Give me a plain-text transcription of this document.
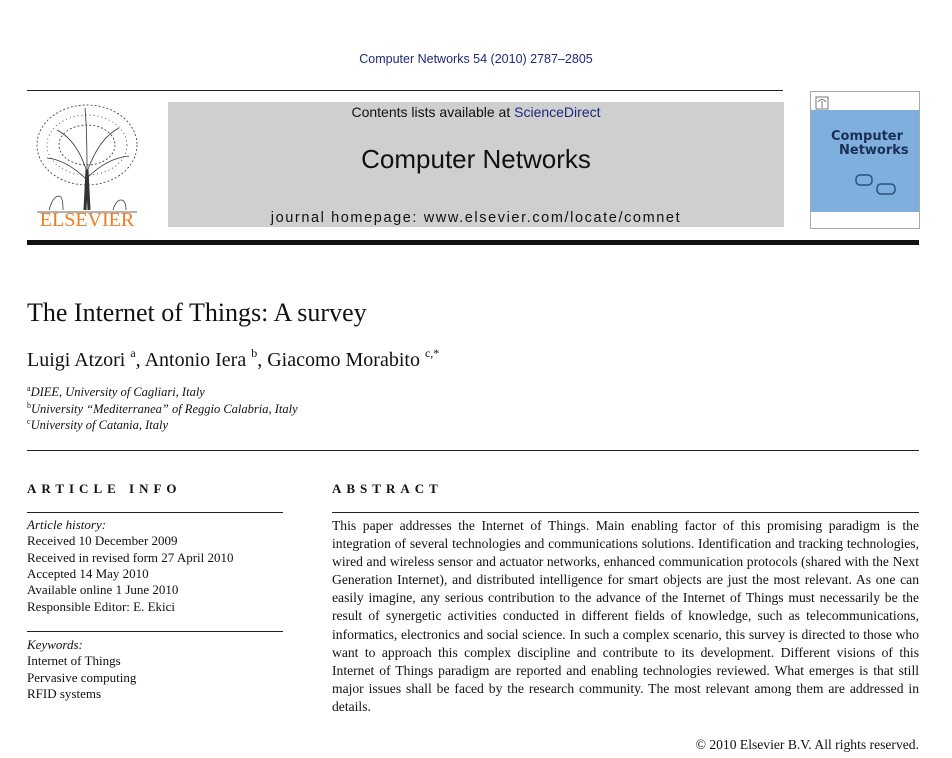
Computer Networks 54 (2010) 2787–2805
ELSEVIER
Contents lists available at ScienceDirect
Computer Networks
journal homepage: www.elsevier.com/locate/comnet
Computer
Networks
The Internet of Things: A survey
Luigi Atzori $^a$, Antonio Iera $^b$, Giacomo Morabito $^{c,*}$
$^a$DIEE, University of Cagliari, Italy
$^b$University “Mediterranea” of Reggio Calabria, Italy
$^c$University of Catania, Italy
ARTICLE INFO	ABSTRACT
Article history:
Received 10 December 2009
Received in revised form 27 April 2010
Accepted 14 May 2010
Available online 1 June 2010
Responsible Editor: E. Ekici
Keywords:
Internet of Things
Pervasive computing
RFID systems
This paper addresses the Internet of Things. Main enabling factor of this promising paradigm is the integration of several technologies and communications solutions. Identification and tracking technologies, wired and wireless sensor and actuator networks, enhanced communication protocols (shared with the Next Generation Internet), and distributed intelligence for smart objects are just the most relevant. As one can easily imagine, any serious contribution to the advance of the Internet of Things must necessarily be the result of synergetic activities conducted in different fields of knowledge, such as telecommunications, informatics, electronics and social science. In such a complex scenario, this survey is directed to those who want to approach this complex discipline and contribute to its development. Different visions of this Internet of Things paradigm are reported and enabling technologies reviewed. What emerges is that still major issues shall be faced by the research community. The most relevant among them are addressed in details.
© 2010 Elsevier B.V. All rights reserved.
